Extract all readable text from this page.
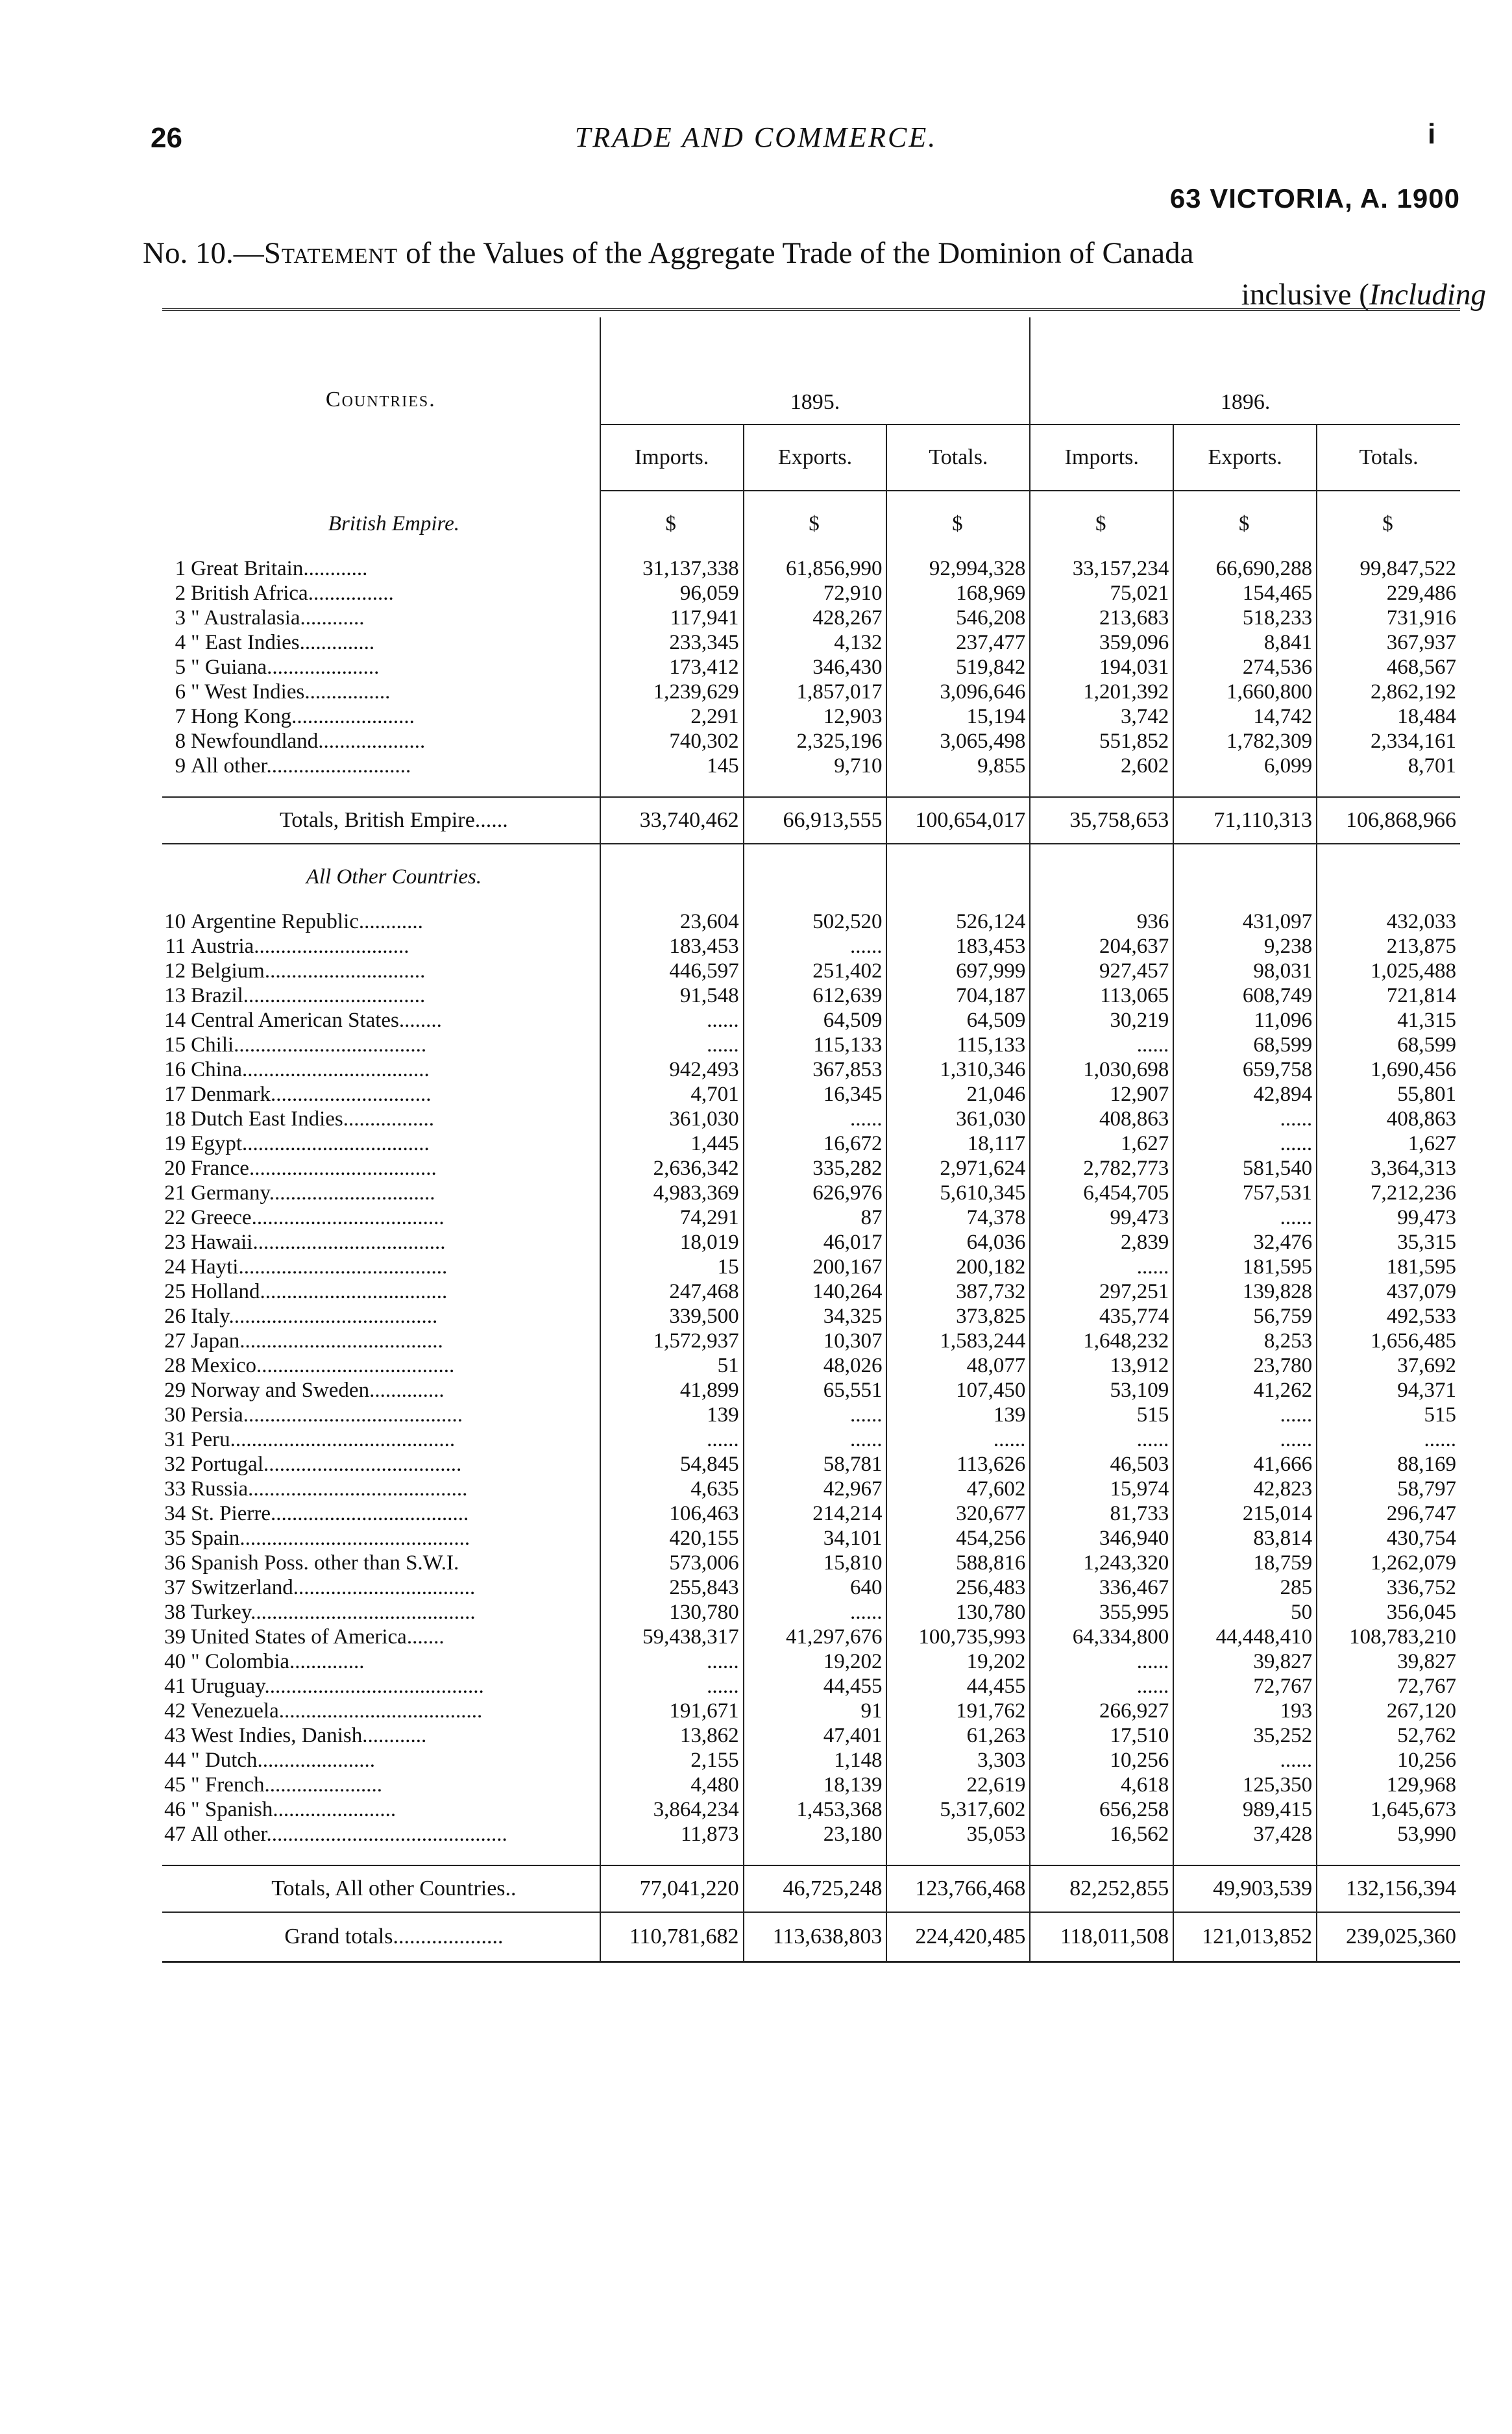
26	TRADE AND COMMERCE.	i
63 VICTORIA, A. 1900
No. 10.—Statement of the Values of the Aggregate Trade of the Dominion of Canada
inclusive (Including

Countries.		1895.			1896.		
		Imports.	Exports.	Totals.	Imports.	Exports.	Totals.
	British Empire.	$	$	$	$	$	$
1	Great Britain............	31,137,338	61,856,990	92,994,328	33,157,234	66,690,288	99,847,522
2	British Africa................	96,059	72,910	168,969	75,021	154,465	229,486
3	" Australasia............	117,941	428,267	546,208	213,683	518,233	731,916
4	" East Indies..............	233,345	4,132	237,477	359,096	8,841	367,937
5	" Guiana.....................	173,412	346,430	519,842	194,031	274,536	468,567
6	" West Indies................	1,239,629	1,857,017	3,096,646	1,201,392	1,660,800	2,862,192
7	Hong Kong.......................	2,291	12,903	15,194	3,742	14,742	18,484
8	Newfoundland....................	740,302	2,325,196	3,065,498	551,852	1,782,309	2,334,161
9	All other...........................	145	9,710	9,855	2,602	6,099	8,701

	Totals, British Empire......	33,740,462	66,913,555	100,654,017	35,758,653	71,110,313	106,868,966
	All Other Countries.						
10	Argentine Republic............	23,604	502,520	526,124	936	431,097	432,033
11	Austria.............................	183,453	......	183,453	204,637	9,238	213,875
12	Belgium..............................	446,597	251,402	697,999	927,457	98,031	1,025,488
13	Brazil..................................	91,548	612,639	704,187	113,065	608,749	721,814
14	Central American States........	......	64,509	64,509	30,219	11,096	41,315
15	Chili....................................	......	115,133	115,133	......	68,599	68,599
16	China...................................	942,493	367,853	1,310,346	1,030,698	659,758	1,690,456
17	Denmark..............................	4,701	16,345	21,046	12,907	42,894	55,801
18	Dutch East Indies.................	361,030	......	361,030	408,863	......	408,863
19	Egypt...................................	1,445	16,672	18,117	1,627	......	1,627
20	France...................................	2,636,342	335,282	2,971,624	2,782,773	581,540	3,364,313
21	Germany...............................	4,983,369	626,976	5,610,345	6,454,705	757,531	7,212,236
22	Greece....................................	74,291	87	74,378	99,473	......	99,473
23	Hawaii....................................	18,019	46,017	64,036	2,839	32,476	35,315
24	Hayti.......................................	15	200,167	200,182	......	181,595	181,595
25	Holland...................................	247,468	140,264	387,732	297,251	139,828	437,079
26	Italy.......................................	339,500	34,325	373,825	435,774	56,759	492,533
27	Japan......................................	1,572,937	10,307	1,583,244	1,648,232	8,253	1,656,485
28	Mexico.....................................	51	48,026	48,077	13,912	23,780	37,692
29	Norway and Sweden..............	41,899	65,551	107,450	53,109	41,262	94,371
30	Persia.........................................	139	......	139	515	......	515
31	Peru..........................................	......	......	......	......	......	......
32	Portugal.....................................	54,845	58,781	113,626	46,503	41,666	88,169
33	Russia.........................................	4,635	42,967	47,602	15,974	42,823	58,797
34	St. Pierre.....................................	106,463	214,214	320,677	81,733	215,014	296,747
35	Spain...........................................	420,155	34,101	454,256	346,940	83,814	430,754
36	Spanish Poss. other than S.W.I.	573,006	15,810	588,816	1,243,320	18,759	1,262,079
37	Switzerland..................................	255,843	640	256,483	336,467	285	336,752
38	Turkey..........................................	130,780	......	130,780	355,995	50	356,045
39	United States of America.......	59,438,317	41,297,676	100,735,993	64,334,800	44,448,410	108,783,210
40	" Colombia..............	......	19,202	19,202	......	39,827	39,827
41	Uruguay.........................................	......	44,455	44,455	......	72,767	72,767
42	Venezuela......................................	191,671	91	191,762	266,927	193	267,120
43	West Indies, Danish............	13,862	47,401	61,263	17,510	35,252	52,762
44	" Dutch......................	2,155	1,148	3,303	10,256	......	10,256
45	" French......................	4,480	18,139	22,619	4,618	125,350	129,968
46	" Spanish.......................	3,864,234	1,453,368	5,317,602	656,258	989,415	1,645,673
47	All other.............................................	11,873	23,180	35,053	16,562	37,428	53,990

	Totals, All other Countries..	77,041,220	46,725,248	123,766,468	82,252,855	49,903,539	132,156,394
	Grand totals....................	110,781,682	113,638,803	224,420,485	118,011,508	121,013,852	239,025,360
